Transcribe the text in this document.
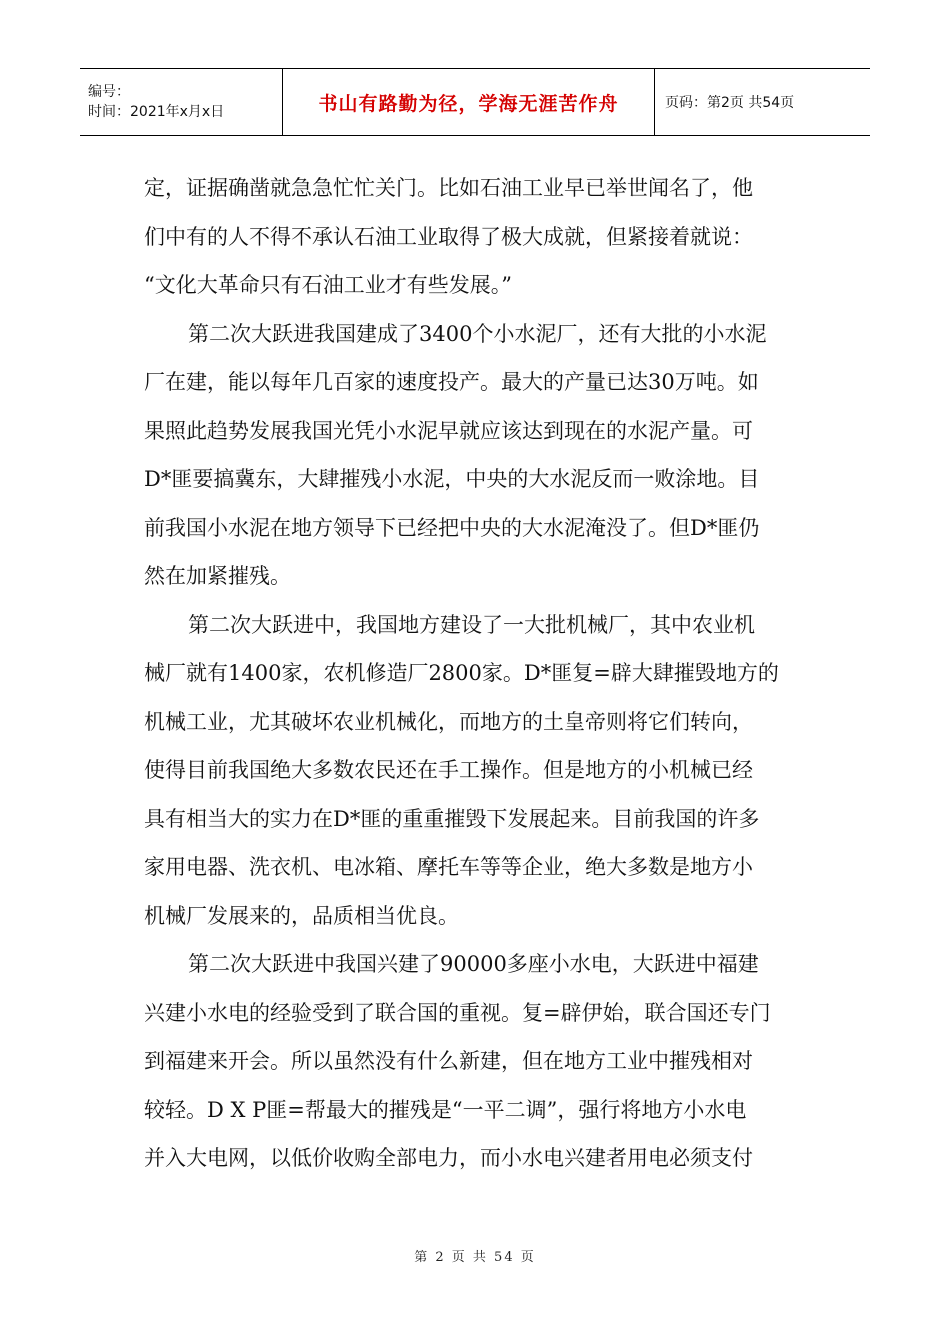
编号：
时间：2021年x月x日	书山有路勤为径，学海无涯苦作舟	页码：第2页 共54页
定，证据确凿就急急忙忙关门。比如石油工业早已举世闻名了，他
们中有的人不得不承认石油工业取得了极大成就，但紧接着就说：
“文化大革命只有石油工业才有些发展。”
第二次大跃进我国建成了3400个小水泥厂，还有大批的小水泥
厂在建，能以每年几百家的速度投产。最大的产量已达30万吨。如
果照此趋势发展我国光凭小水泥早就应该达到现在的水泥产量。可
D*匪要搞冀东，大肆摧残小水泥，中央的大水泥反而一败涂地。目
前我国小水泥在地方领导下已经把中央的大水泥淹没了。但D*匪仍
然在加紧摧残。
第二次大跃进中，我国地方建设了一大批机械厂，其中农业机
械厂就有1400家，农机修造厂2800家。D*匪复=辟大肆摧毁地方的
机械工业，尤其破坏农业机械化，而地方的土皇帝则将它们转向，
使得目前我国绝大多数农民还在手工操作。但是地方的小机械已经
具有相当大的实力在D*匪的重重摧毁下发展起来。目前我国的许多
家用电器、洗衣机、电冰箱、摩托车等等企业，绝大多数是地方小
机械厂发展来的，品质相当优良。
第二次大跃进中我国兴建了90000多座小水电，大跃进中福建
兴建小水电的经验受到了联合国的重视。复=辟伊始，联合国还专门
到福建来开会。所以虽然没有什么新建，但在地方工业中摧残相对
较轻。D X P匪=帮最大的摧残是“一平二调”，强行将地方小水电
并入大电网，以低价收购全部电力，而小水电兴建者用电必须支付
第 2 页 共 54 页
